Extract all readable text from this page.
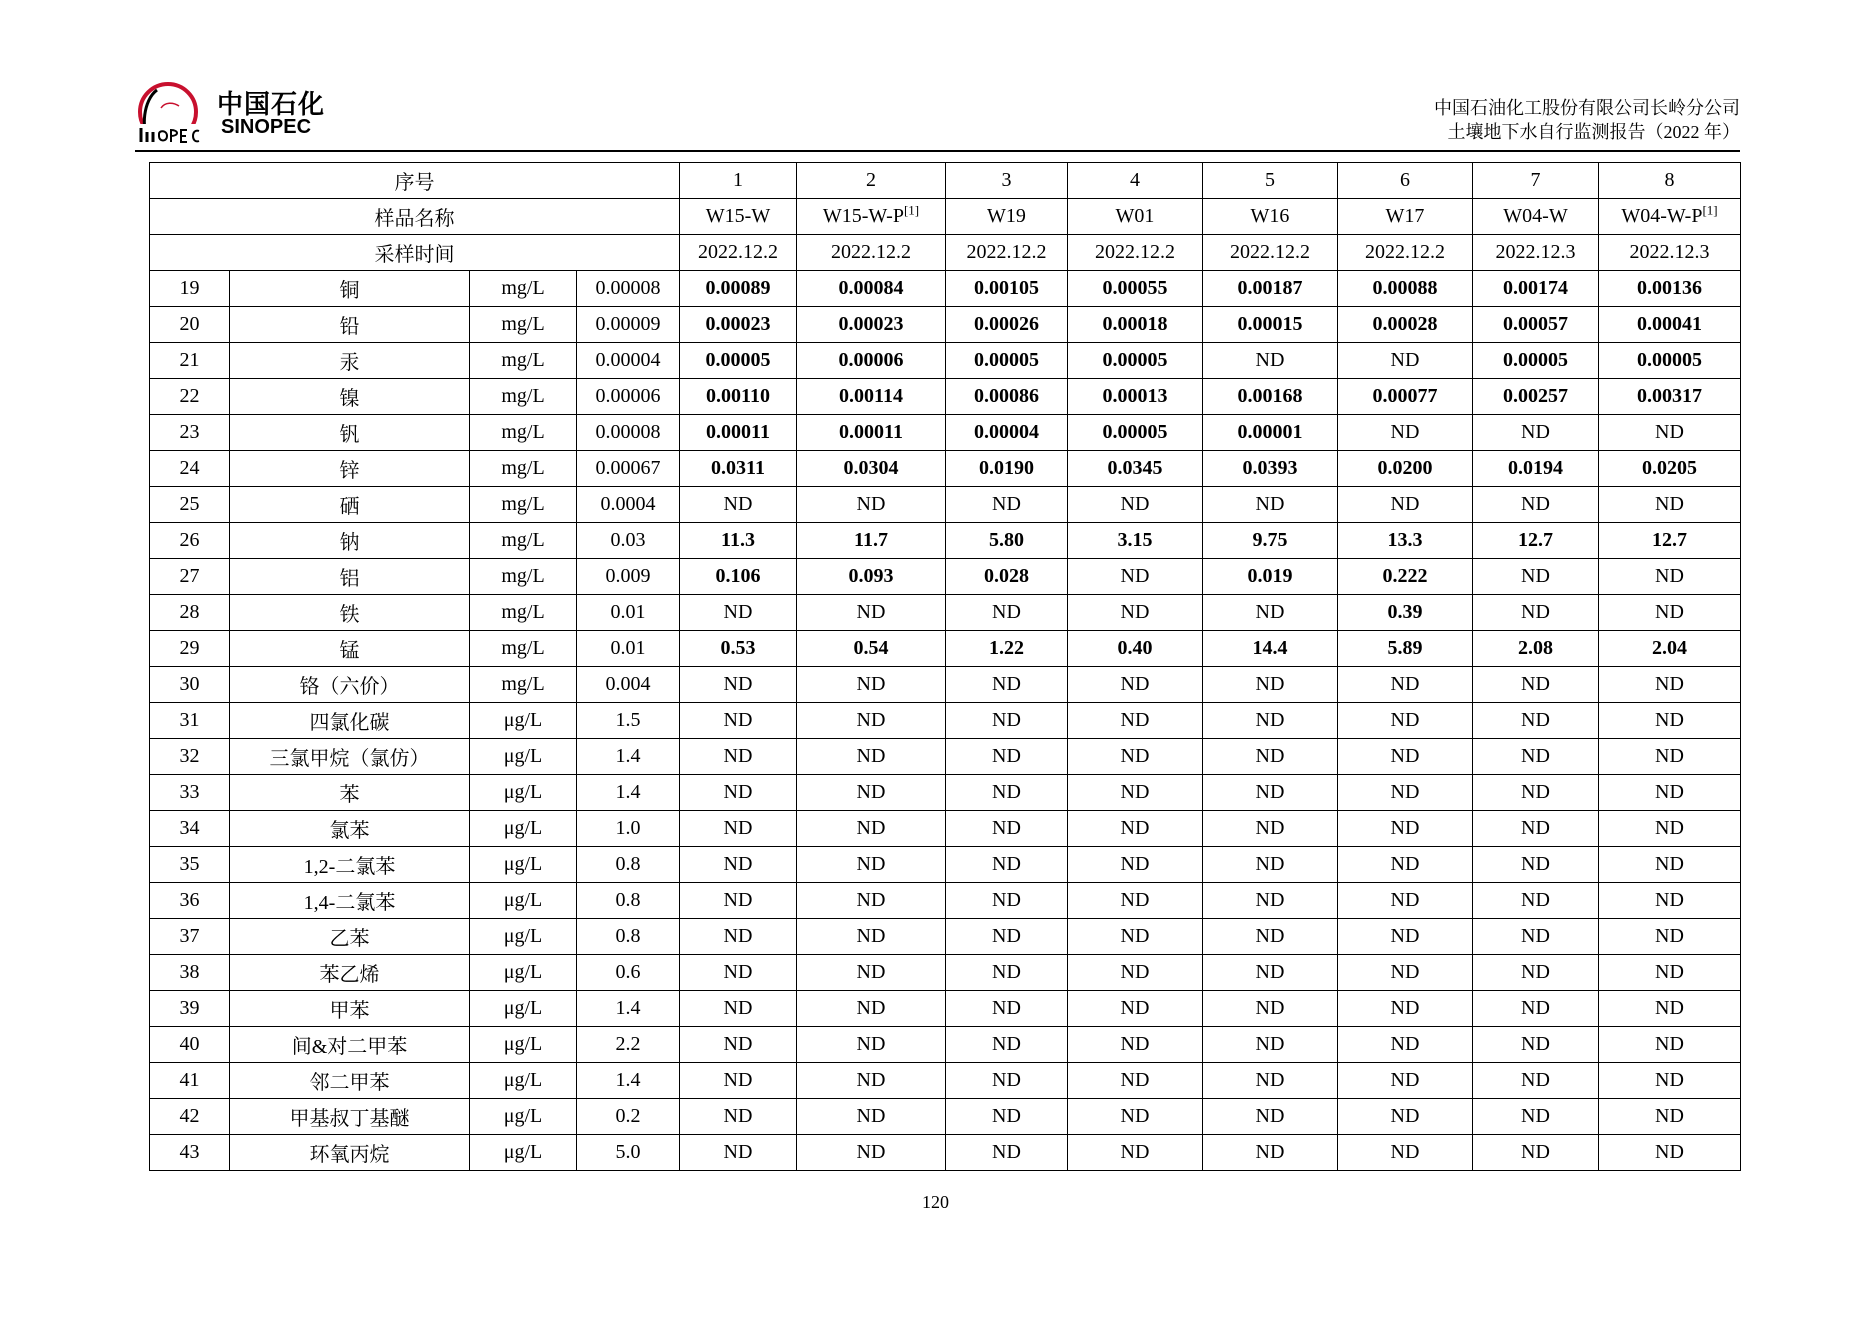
中国石化
SINOPEC
中国石油化工股份有限公司长岭分公司
土壤地下水自行监测报告（2022 年）
序号				1	2	3	4	5	6	7	8
样品名称				W15-W	W15-W-P[1]	W19	W01	W16	W17	W04-W	W04-W-P[1]
采样时间				2022.12.2	2022.12.2	2022.12.2	2022.12.2	2022.12.2	2022.12.2	2022.12.3	2022.12.3
19	铜	mg/L	0.00008	0.00089	0.00084	0.00105	0.00055	0.00187	0.00088	0.00174	0.00136
20	铅	mg/L	0.00009	0.00023	0.00023	0.00026	0.00018	0.00015	0.00028	0.00057	0.00041
21	汞	mg/L	0.00004	0.00005	0.00006	0.00005	0.00005	ND	ND	0.00005	0.00005
22	镍	mg/L	0.00006	0.00110	0.00114	0.00086	0.00013	0.00168	0.00077	0.00257	0.00317
23	钒	mg/L	0.00008	0.00011	0.00011	0.00004	0.00005	0.00001	ND	ND	ND
24	锌	mg/L	0.00067	0.0311	0.0304	0.0190	0.0345	0.0393	0.0200	0.0194	0.0205
25	硒	mg/L	0.0004	ND	ND	ND	ND	ND	ND	ND	ND
26	钠	mg/L	0.03	11.3	11.7	5.80	3.15	9.75	13.3	12.7	12.7
27	铝	mg/L	0.009	0.106	0.093	0.028	ND	0.019	0.222	ND	ND
28	铁	mg/L	0.01	ND	ND	ND	ND	ND	0.39	ND	ND
29	锰	mg/L	0.01	0.53	0.54	1.22	0.40	14.4	5.89	2.08	2.04
30	铬（六价）	mg/L	0.004	ND	ND	ND	ND	ND	ND	ND	ND
31	四氯化碳	μg/L	1.5	ND	ND	ND	ND	ND	ND	ND	ND
32	三氯甲烷（氯仿）	μg/L	1.4	ND	ND	ND	ND	ND	ND	ND	ND
33	苯	μg/L	1.4	ND	ND	ND	ND	ND	ND	ND	ND
34	氯苯	μg/L	1.0	ND	ND	ND	ND	ND	ND	ND	ND
35	1,2-二氯苯	μg/L	0.8	ND	ND	ND	ND	ND	ND	ND	ND
36	1,4-二氯苯	μg/L	0.8	ND	ND	ND	ND	ND	ND	ND	ND
37	乙苯	μg/L	0.8	ND	ND	ND	ND	ND	ND	ND	ND
38	苯乙烯	μg/L	0.6	ND	ND	ND	ND	ND	ND	ND	ND
39	甲苯	μg/L	1.4	ND	ND	ND	ND	ND	ND	ND	ND
40	间&对二甲苯	μg/L	2.2	ND	ND	ND	ND	ND	ND	ND	ND
41	邻二甲苯	μg/L	1.4	ND	ND	ND	ND	ND	ND	ND	ND
42	甲基叔丁基醚	μg/L	0.2	ND	ND	ND	ND	ND	ND	ND	ND
43	环氧丙烷	μg/L	5.0	ND	ND	ND	ND	ND	ND	ND	ND
120
